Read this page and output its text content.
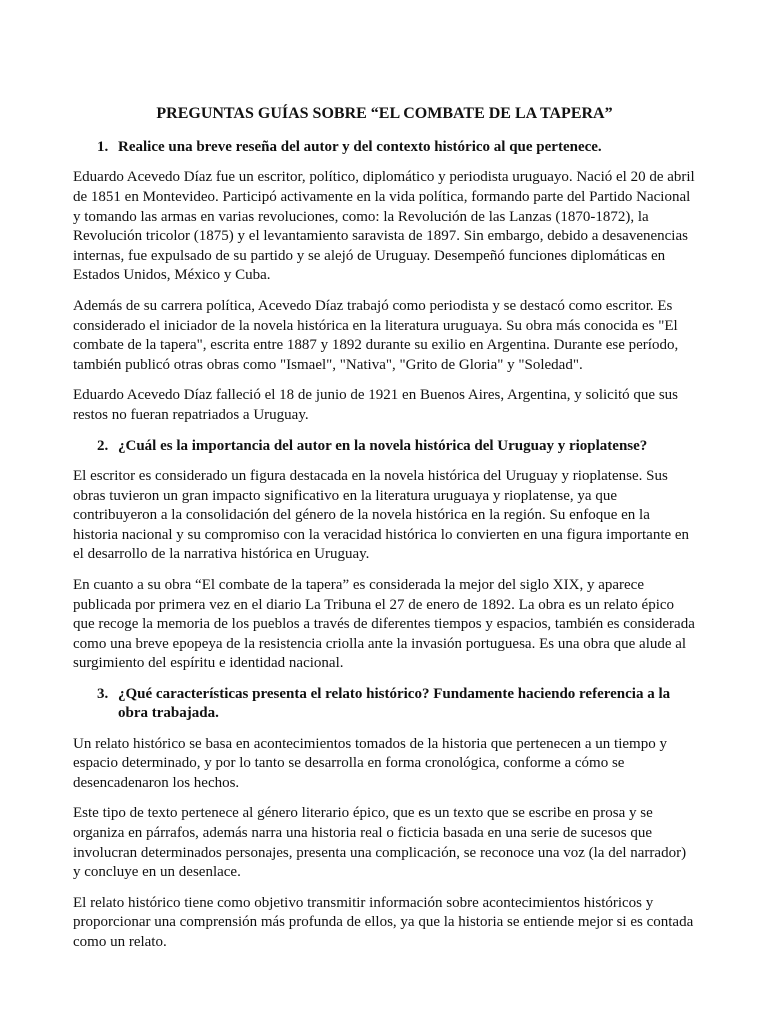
PREGUNTAS GUÍAS SOBRE “EL COMBATE DE LA TAPERA”
1. Realice una breve reseña del autor y del contexto histórico al que pertenece.

Eduardo Acevedo Díaz fue un escritor, político, diplomático y periodista uruguayo. Nació el 20 de abril de 1851 en Montevideo. Participó activamente en la vida política, formando parte del Partido Nacional y tomando las armas en varias revoluciones, como: la Revolución de las Lanzas (1870-1872), la Revolución tricolor (1875) y el levantamiento saravista de 1897. Sin embargo, debido a desavenencias internas, fue expulsado de su partido y se alejó de Uruguay. Desempeñó funciones diplomáticas en Estados Unidos, México y Cuba.

Además de su carrera política, Acevedo Díaz trabajó como periodista y se destacó como escritor. Es considerado el iniciador de la novela histórica en la literatura uruguaya. Su obra más conocida es "El combate de la tapera", escrita entre 1887 y 1892 durante su exilio en Argentina. Durante ese período, también publicó otras obras como "Ismael", "Nativa", "Grito de Gloria" y "Soledad".

Eduardo Acevedo Díaz falleció el 18 de junio de 1921 en Buenos Aires, Argentina, y solicitó que sus restos no fueran repatriados a Uruguay.

2. ¿Cuál es la importancia del autor en la novela histórica del Uruguay y rioplatense?

El escritor es considerado un figura destacada en la novela histórica del Uruguay y rioplatense. Sus obras tuvieron un gran impacto significativo en la literatura uruguaya y rioplatense, ya que contribuyeron a la consolidación del género de la novela histórica en la región. Su enfoque en la historia nacional y su compromiso con la veracidad histórica lo convierten en una figura importante en el desarrollo de la narrativa histórica en Uruguay.

En cuanto a su obra “El combate de la tapera” es considerada la mejor del siglo XIX, y aparece publicada por primera vez en el diario La Tribuna el 27 de enero de 1892. La obra es un relato épico que recoge la memoria de los pueblos a través de diferentes tiempos y espacios, también es considerada como una breve epopeya de la resistencia criolla ante la invasión portuguesa. Es una obra que alude al surgimiento del espíritu e identidad nacional.

3. ¿Qué características presenta el relato histórico? Fundamente haciendo referencia a la obra trabajada.

Un relato histórico se basa en acontecimientos tomados de la historia que pertenecen a un tiempo y espacio determinado, y por lo tanto se desarrolla en forma cronológica, conforme a cómo se desencadenaron los hechos.

Este tipo de texto pertenece al género literario épico, que es un texto que se escribe en prosa y se organiza en párrafos, además narra una historia real o ficticia basada en una serie de sucesos que involucran determinados personajes, presenta una complicación, se reconoce una voz (la del narrador) y concluye en un desenlace.

El relato histórico tiene como objetivo transmitir información sobre acontecimientos históricos y proporcionar una comprensión más profunda de ellos, ya que la historia se entiende mejor si es contada como un relato.
